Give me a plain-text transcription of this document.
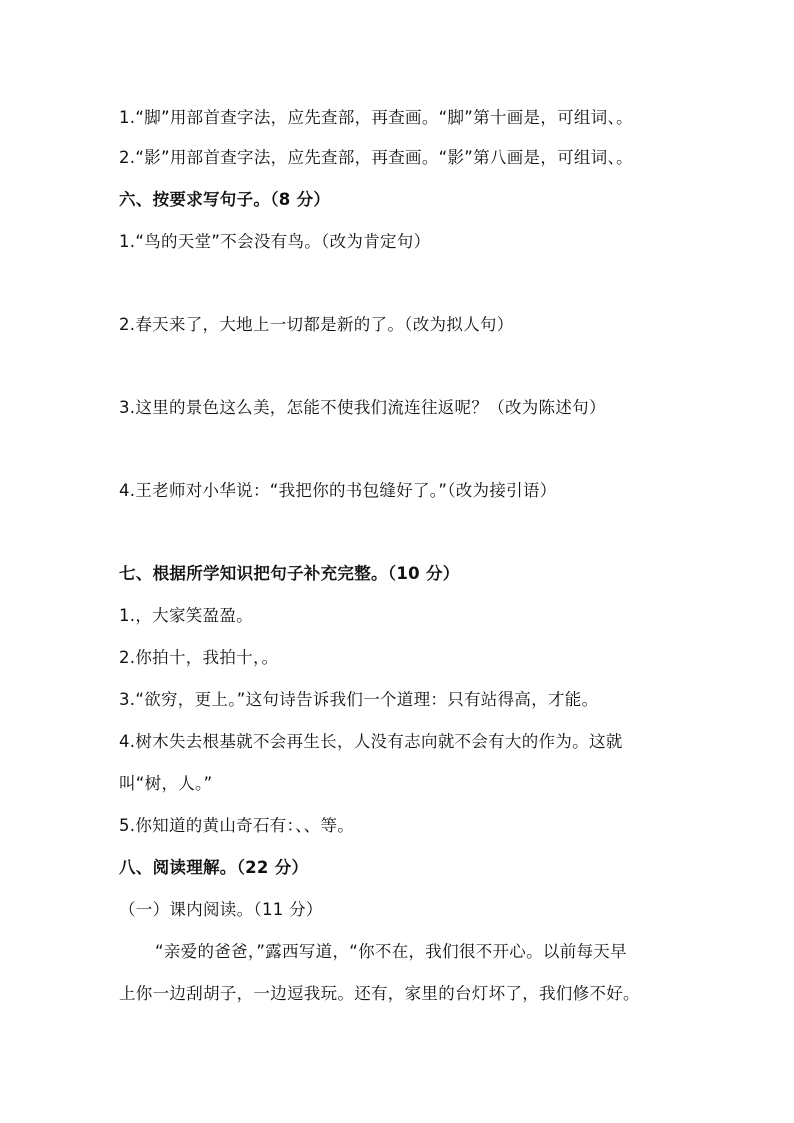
1.“脚”用部首查字法，应先查部，再查画。“脚”第十画是，可组词、。
2.“影”用部首查字法，应先查部，再查画。“影”第八画是，可组词、。
六、按要求写句子。（8 分）
1.“鸟的天堂”不会没有鸟。（改为肯定句）
2.春天来了，大地上一切都是新的了。（改为拟人句）
3.这里的景色这么美，怎能不使我们流连往返呢？（改为陈述句）
4.王老师对小华说：“我把你的书包缝好了。”（改为接引语）
七、根据所学知识把句子补充完整。（10 分）
1.，大家笑盈盈。
2.你拍十，我拍十，。
3.“欲穷，更上。”这句诗告诉我们一个道理：只有站得高，才能。
4.树木失去根基就不会再生长，人没有志向就不会有大的作为。这就
叫“树，人。”
5.你知道的黄山奇石有：、、等。
八、阅读理解。（22 分）
（一）课内阅读。（11 分）
“亲爱的爸爸，”露西写道，“你不在，我们很不开心。以前每天早
上你一边刮胡子，一边逗我玩。还有，家里的台灯坏了，我们修不好。
